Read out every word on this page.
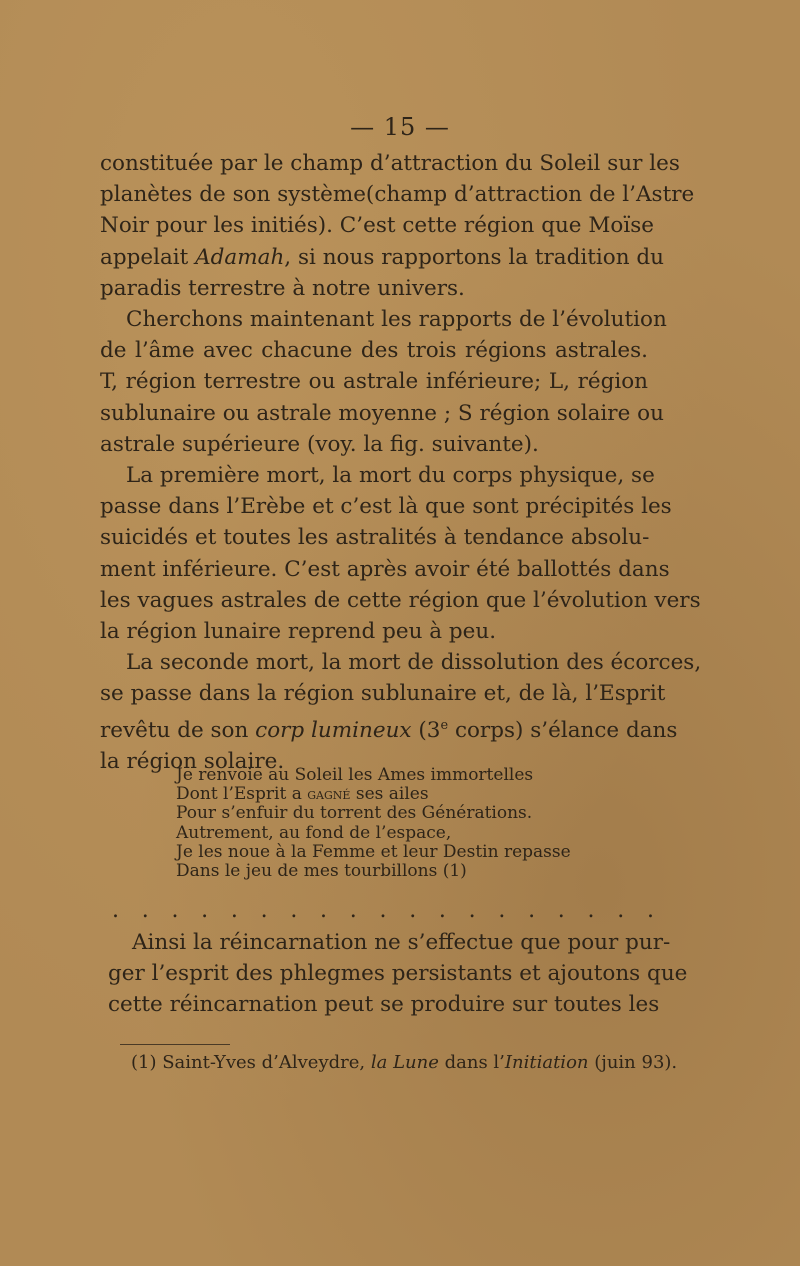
— 15 —

constituée par le champ d’attraction du Soleil sur les
planètes de son système(champ d’attraction de l’Astre
Noir pour les initiés). C’est cette région que Moïse
appelait Adamah, si nous rapportons la tradition du
paradis terrestre à notre univers.

Cherchons maintenant les rapports de l’évolution
de l’âme avec chacune des trois régions astrales.
T, région terrestre ou astrale inférieure; L, région
sublunaire ou astrale moyenne ; S région solaire ou
astrale supérieure (voy. la fig. suivante).

La première mort, la mort du corps physique, se
passe dans l’Erèbe et c’est là que sont précipités les
suicidés et toutes les astralités à tendance absolu-
ment inférieure. C’est après avoir été ballottés dans
les vagues astrales de cette région que l’évolution vers
la région lunaire reprend peu à peu.

La seconde mort, la mort de dissolution des écorces,
se passe dans la région sublunaire et, de là, l’Esprit
revêtu de son corp lumineux (3e corps) s’élance dans
la région solaire.

Je renvoie au Soleil les Ames immortelles
Dont l’Esprit a gagné ses ailes
Pour s’enfuir du torrent des Générations.
Autrement, au fond de l’espace,
Je les noue à la Femme et leur Destin repasse
Dans le jeu de mes tourbillons (1)
. . . . . . . . . . . . . . . . . . .
Ainsi la réincarnation ne s’effectue que pour pur-
ger l’esprit des phlegmes persistants et ajoutons que
cette réincarnation peut se produire sur toutes les
(1) Saint-Yves d’Alveydre, la Lune dans l’Initiation (juin 93).
